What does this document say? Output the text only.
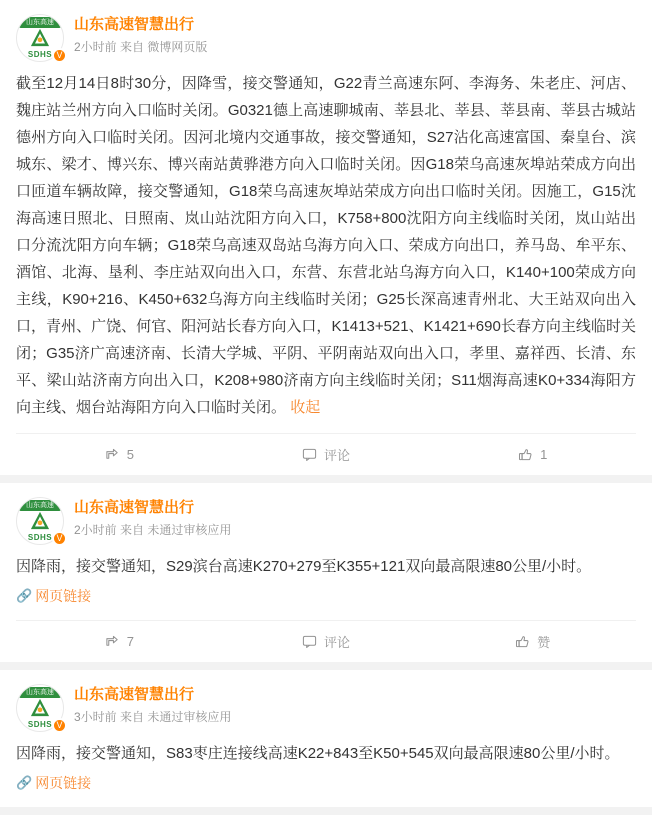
山东高速
SDHS
山东高速智慧出行
2小时前 来自 微博网页版
V
截至12月14日8时30分，因降雪，接交警通知，G22青兰高速东阿、李海务、朱老庄、河店、魏庄站兰州方向入口临时关闭。G0321德上高速聊城南、莘县北、莘县、莘县南、莘县古城站德州方向入口临时关闭。因河北境内交通事故，接交警通知，S27沾化高速富国、秦皇台、滨城东、梁才、博兴东、博兴南站黄骅港方向入口临时关闭。因G18荣乌高速灰埠站荣成方向出口匝道车辆故障，接交警通知，G18荣乌高速灰埠站荣成方向出口临时关闭。因施工，G15沈海高速日照北、日照南、岚山站沈阳方向入口，K758+800沈阳方向主线临时关闭，岚山站出口分流沈阳方向车辆；G18荣乌高速双岛站乌海方向入口、荣成方向出口，养马岛、牟平东、酒馆、北海、垦利、李庄站双向出入口，东营、东营北站乌海方向入口，K140+100荣成方向主线，K90+216、K450+632乌海方向主线临时关闭；G25长深高速青州北、大王站双向出入口，青州、广饶、何官、阳河站长春方向入口，K1413+521、K1421+690长春方向主线临时关闭；G35济广高速济南、长清大学城、平阴、平阴南站双向出入口，孝里、嘉祥西、长清、东平、梁山站济南方向出入口，K208+980济南方向主线临时关闭；S11烟海高速K0+334海阳方向主线、烟台站海阳方向入口临时关闭。 收起
5	评论	1
山东高速
SDHS
山东高速智慧出行
2小时前 来自 未通过审核应用
V
因降雨，接交警通知，S29滨台高速K270+279至K355+121双向最高限速80公里/小时。
🔗 网页链接
7	评论	赞
山东高速
SDHS
山东高速智慧出行
3小时前 来自 未通过审核应用
V
因降雨，接交警通知，S83枣庄连接线高速K22+843至K50+545双向最高限速80公里/小时。
🔗 网页链接
